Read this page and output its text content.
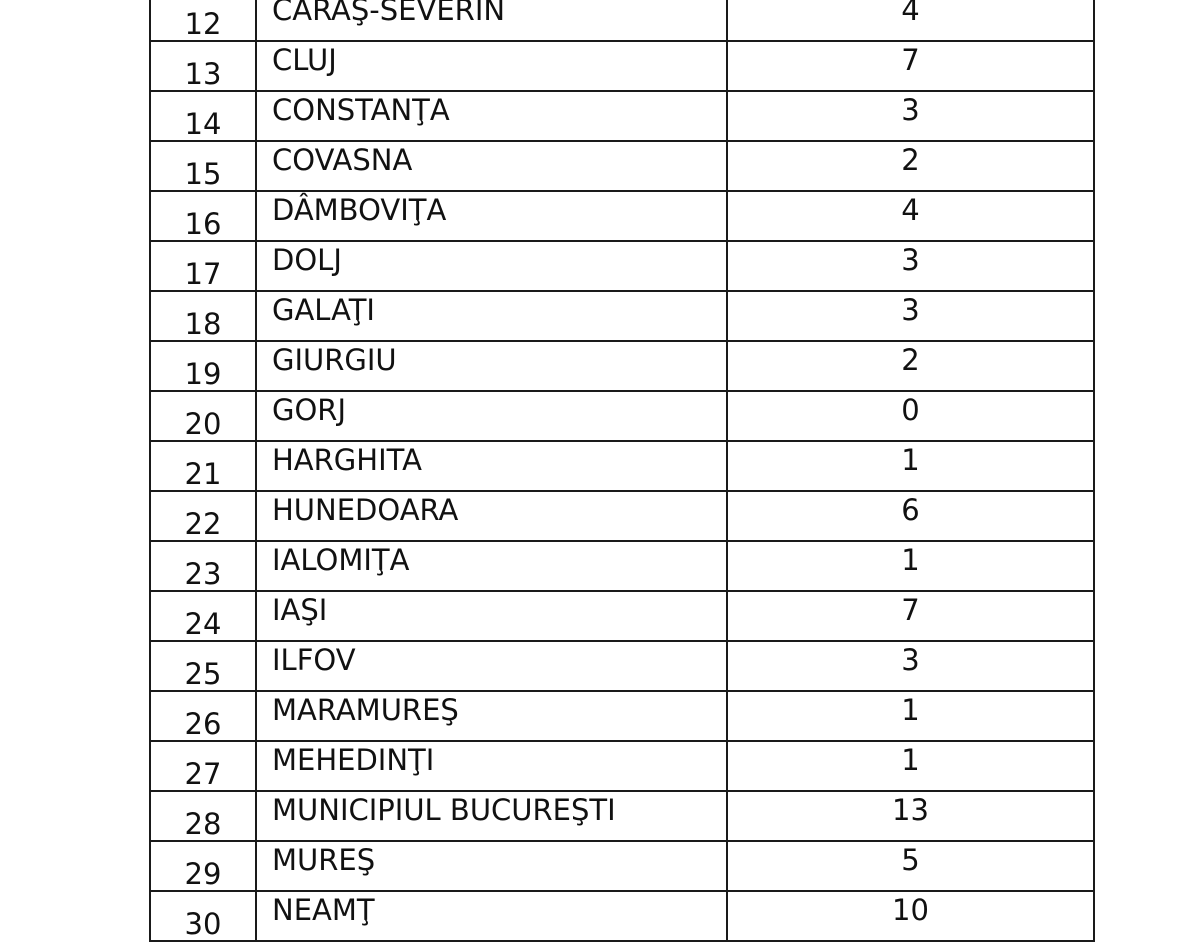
12	CARAŞ-SEVERIN	4
13	CLUJ	7
14	CONSTANŢA	3
15	COVASNA	2
16	DÂMBOVIŢA	4
17	DOLJ	3
18	GALAŢI	3
19	GIURGIU	2
20	GORJ	0
21	HARGHITA	1
22	HUNEDOARA	6
23	IALOMIŢA	1
24	IAŞI	7
25	ILFOV	3
26	MARAMUREŞ	1
27	MEHEDINŢI	1
28	MUNICIPIUL BUCUREŞTI	13
29	MUREŞ	5
30	NEAMŢ	10
